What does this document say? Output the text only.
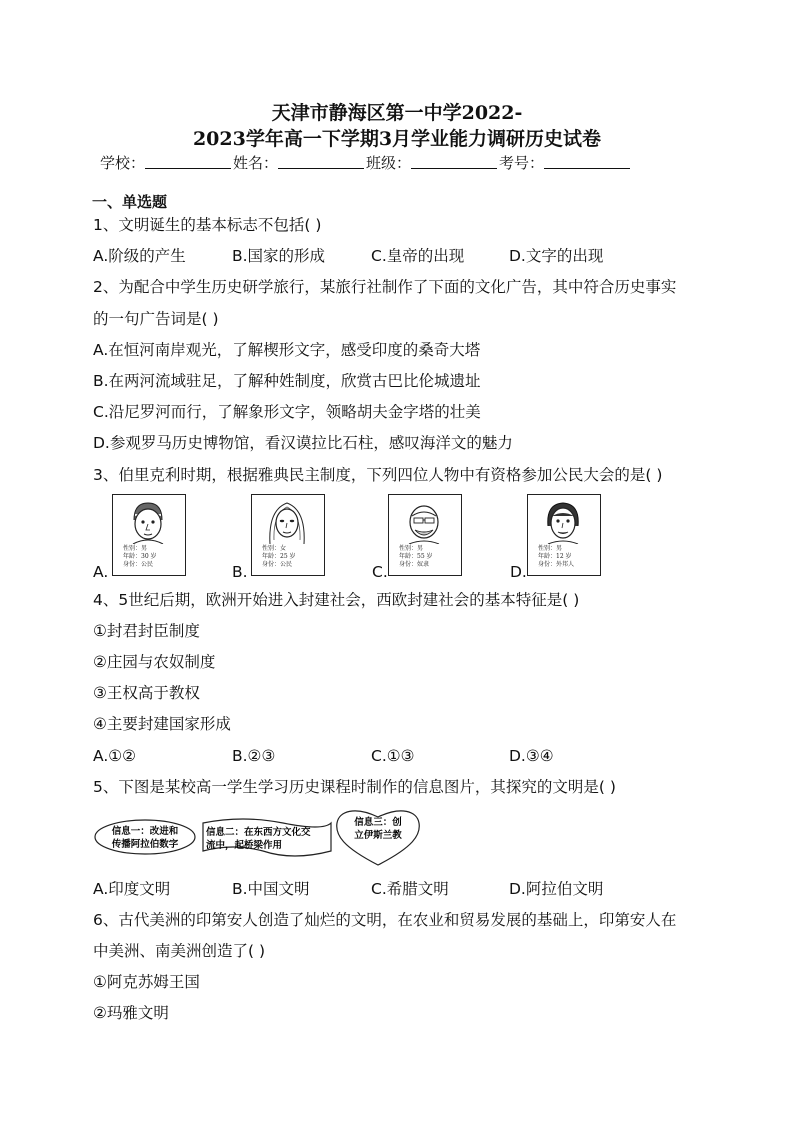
天津市静海区第一中学2022-
2023学年高一下学期3月学业能力调研历史试卷
学校：	姓名：	班级：	考号：
一、单选题
1、文明诞生的基本标志不包括( )
A.阶级的产生	B.国家的形成	C.皇帝的出现	D.文字的出现
2、为配合中学生历史研学旅行，某旅行社制作了下面的文化广告，其中符合历史事实
的一句广告词是( )
A.在恒河南岸观光，了解楔形文字，感受印度的桑奇大塔
B.在两河流域驻足，了解种姓制度，欣赏古巴比伦城遗址
C.沿尼罗河而行，了解象形文字，领略胡夫金字塔的壮美
D.参观罗马历史博物馆，看汉谟拉比石柱，感叹海洋文的魅力
3、伯里克利时期，根据雅典民主制度，下列四位人物中有资格参加公民大会的是( )
A.
性别：男
年龄：30 岁
身份：公民	B.
性别：女
年龄：25 岁
身份：公民	C.
性别：男
年龄：55 岁
身份：奴隶	D.
性别：男
年龄：12 岁
身份：外邦人
4、5世纪后期，欧洲开始进入封建社会，西欧封建社会的基本特征是( )
①封君封臣制度
②庄园与农奴制度
③王权高于教权
④主要封建国家形成
A.①②	B.②③	C.①③	D.③④
5、下图是某校高一学生学习历史课程时制作的信息图片，其探究的文明是( )
信息一：改进和
传播阿拉伯数字
信息二：在东西方文化交
流中，起桥梁作用
信息三：创
立伊斯兰教
A.印度文明	B.中国文明	C.希腊文明	D.阿拉伯文明
6、古代美洲的印第安人创造了灿烂的文明，在农业和贸易发展的基础上，印第安人在
中美洲、南美洲创造了( )
①阿克苏姆王国
②玛雅文明
